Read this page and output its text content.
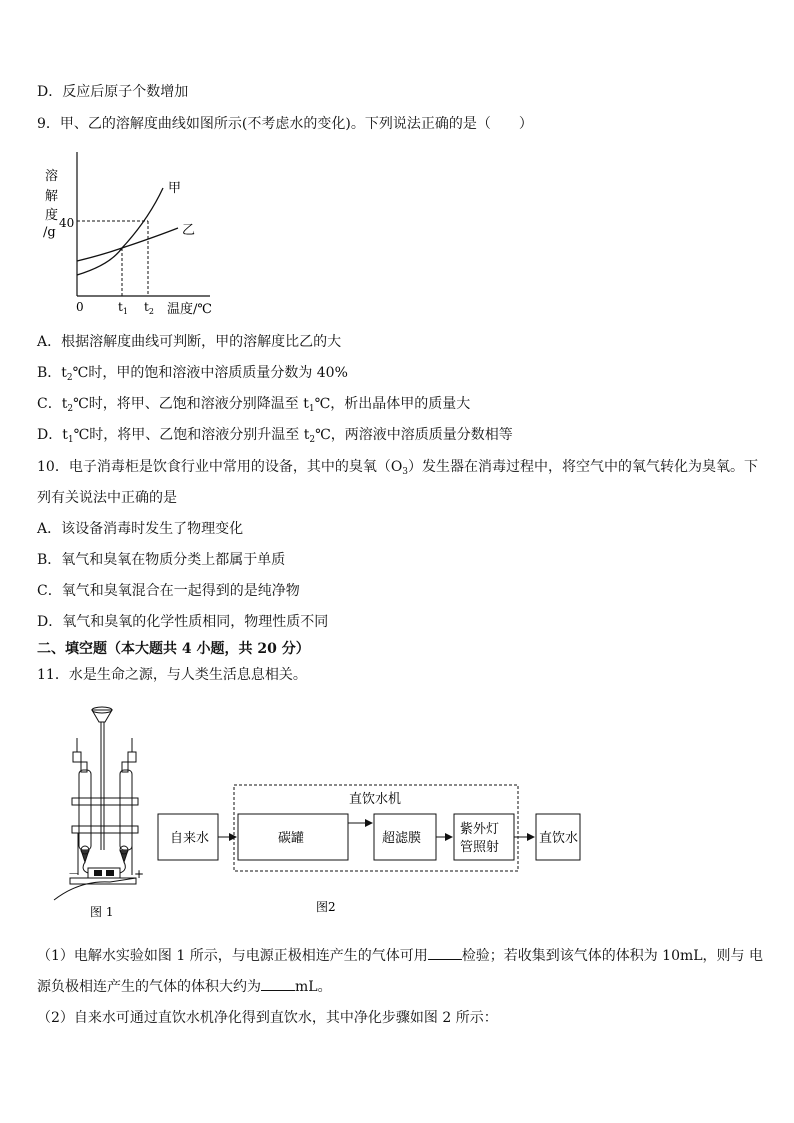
D．反应后原子个数增加
9．甲、乙的溶解度曲线如图所示(不考虑水的变化)。下列说法正确的是（　　）
溶
解
度
/g
40
甲
乙
0	$t_1$ $t_2$ 温度/℃
A．根据溶解度曲线可判断，甲的溶解度比乙的大
B．$t_2℃$时，甲的饱和溶液中溶质质量分数为 40%
C．$t_2℃$时，将甲、乙饱和溶液分别降温至 $t_1℃$，析出晶体甲的质量大
D．$t_1℃$时，将甲、乙饱和溶液分别升温至 $t_2℃$，两溶液中溶质质量分数相等
10．电子消毒柜是饮食行业中常用的设备，其中的臭氧$(O_3)$发生器在消毒过程中，将空气中的氧气转化为臭氧。下
列有关说法中正确的是
A．该设备消毒时发生了物理变化
B．氧气和臭氧在物质分类上都属于单质
C．氧气和臭氧混合在一起得到的是纯净物
D．氧气和臭氧的化学性质相同，物理性质不同
二、填空题（本大题共 4 小题，共 20 分）
11．水是生命之源，与人类生活息息相关。
－	+
图 1
直饮水机
自来水	碳罐	超滤膜
紫外灯
管照射
直饮水
图2
（1）电解水实验如图 1 所示，与电源正极相连产生的气体可用 检验；若收集到该气体的体积为 10mL，则与 电
源负极相连产生的气体的体积大约为 mL。
（2）自来水可通过直饮水机净化得到直饮水，其中净化步骤如图 2 所示：
